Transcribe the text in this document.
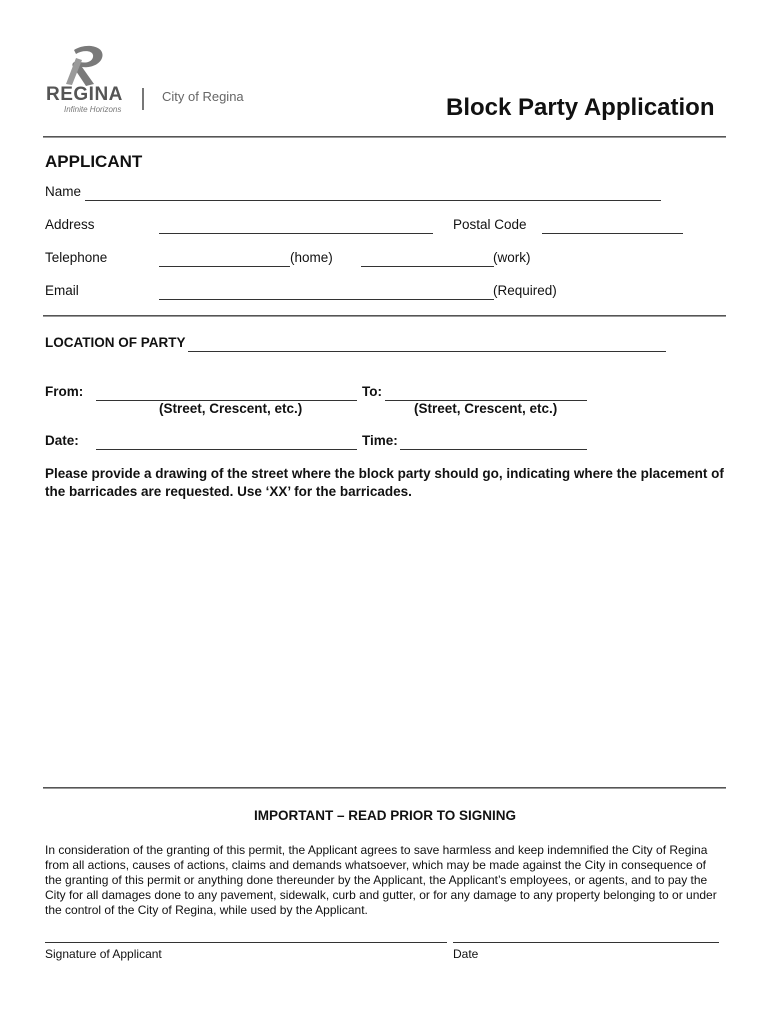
REGINA
Infinite Horizons
City of Regina	Block Party Application
APPLICANT
Name
Address	Postal Code
Telephone	(home)	(work)
Email	(Required)
LOCATION OF PARTY
From:	To:
(Street, Crescent, etc.)	(Street, Crescent, etc.)
Date:	Time:
Please provide a drawing of the street where the block party should go, indicating where the placement of the barricades are requested. Use ‘XX’ for the barricades.
IMPORTANT – READ PRIOR TO SIGNING
In consideration of the granting of this permit, the Applicant agrees to save harmless and keep indemnified the City of Regina from all actions, causes of actions, claims and demands whatsoever, which may be made against the City in consequence of the granting of this permit or anything done thereunder by the Applicant, the Applicant’s employees, or agents, and to pay the City for all damages done to any pavement, sidewalk, curb and gutter, or for any damage to any property belonging to or under the control of the City of Regina, while used by the Applicant.
Signature of Applicant	Date
